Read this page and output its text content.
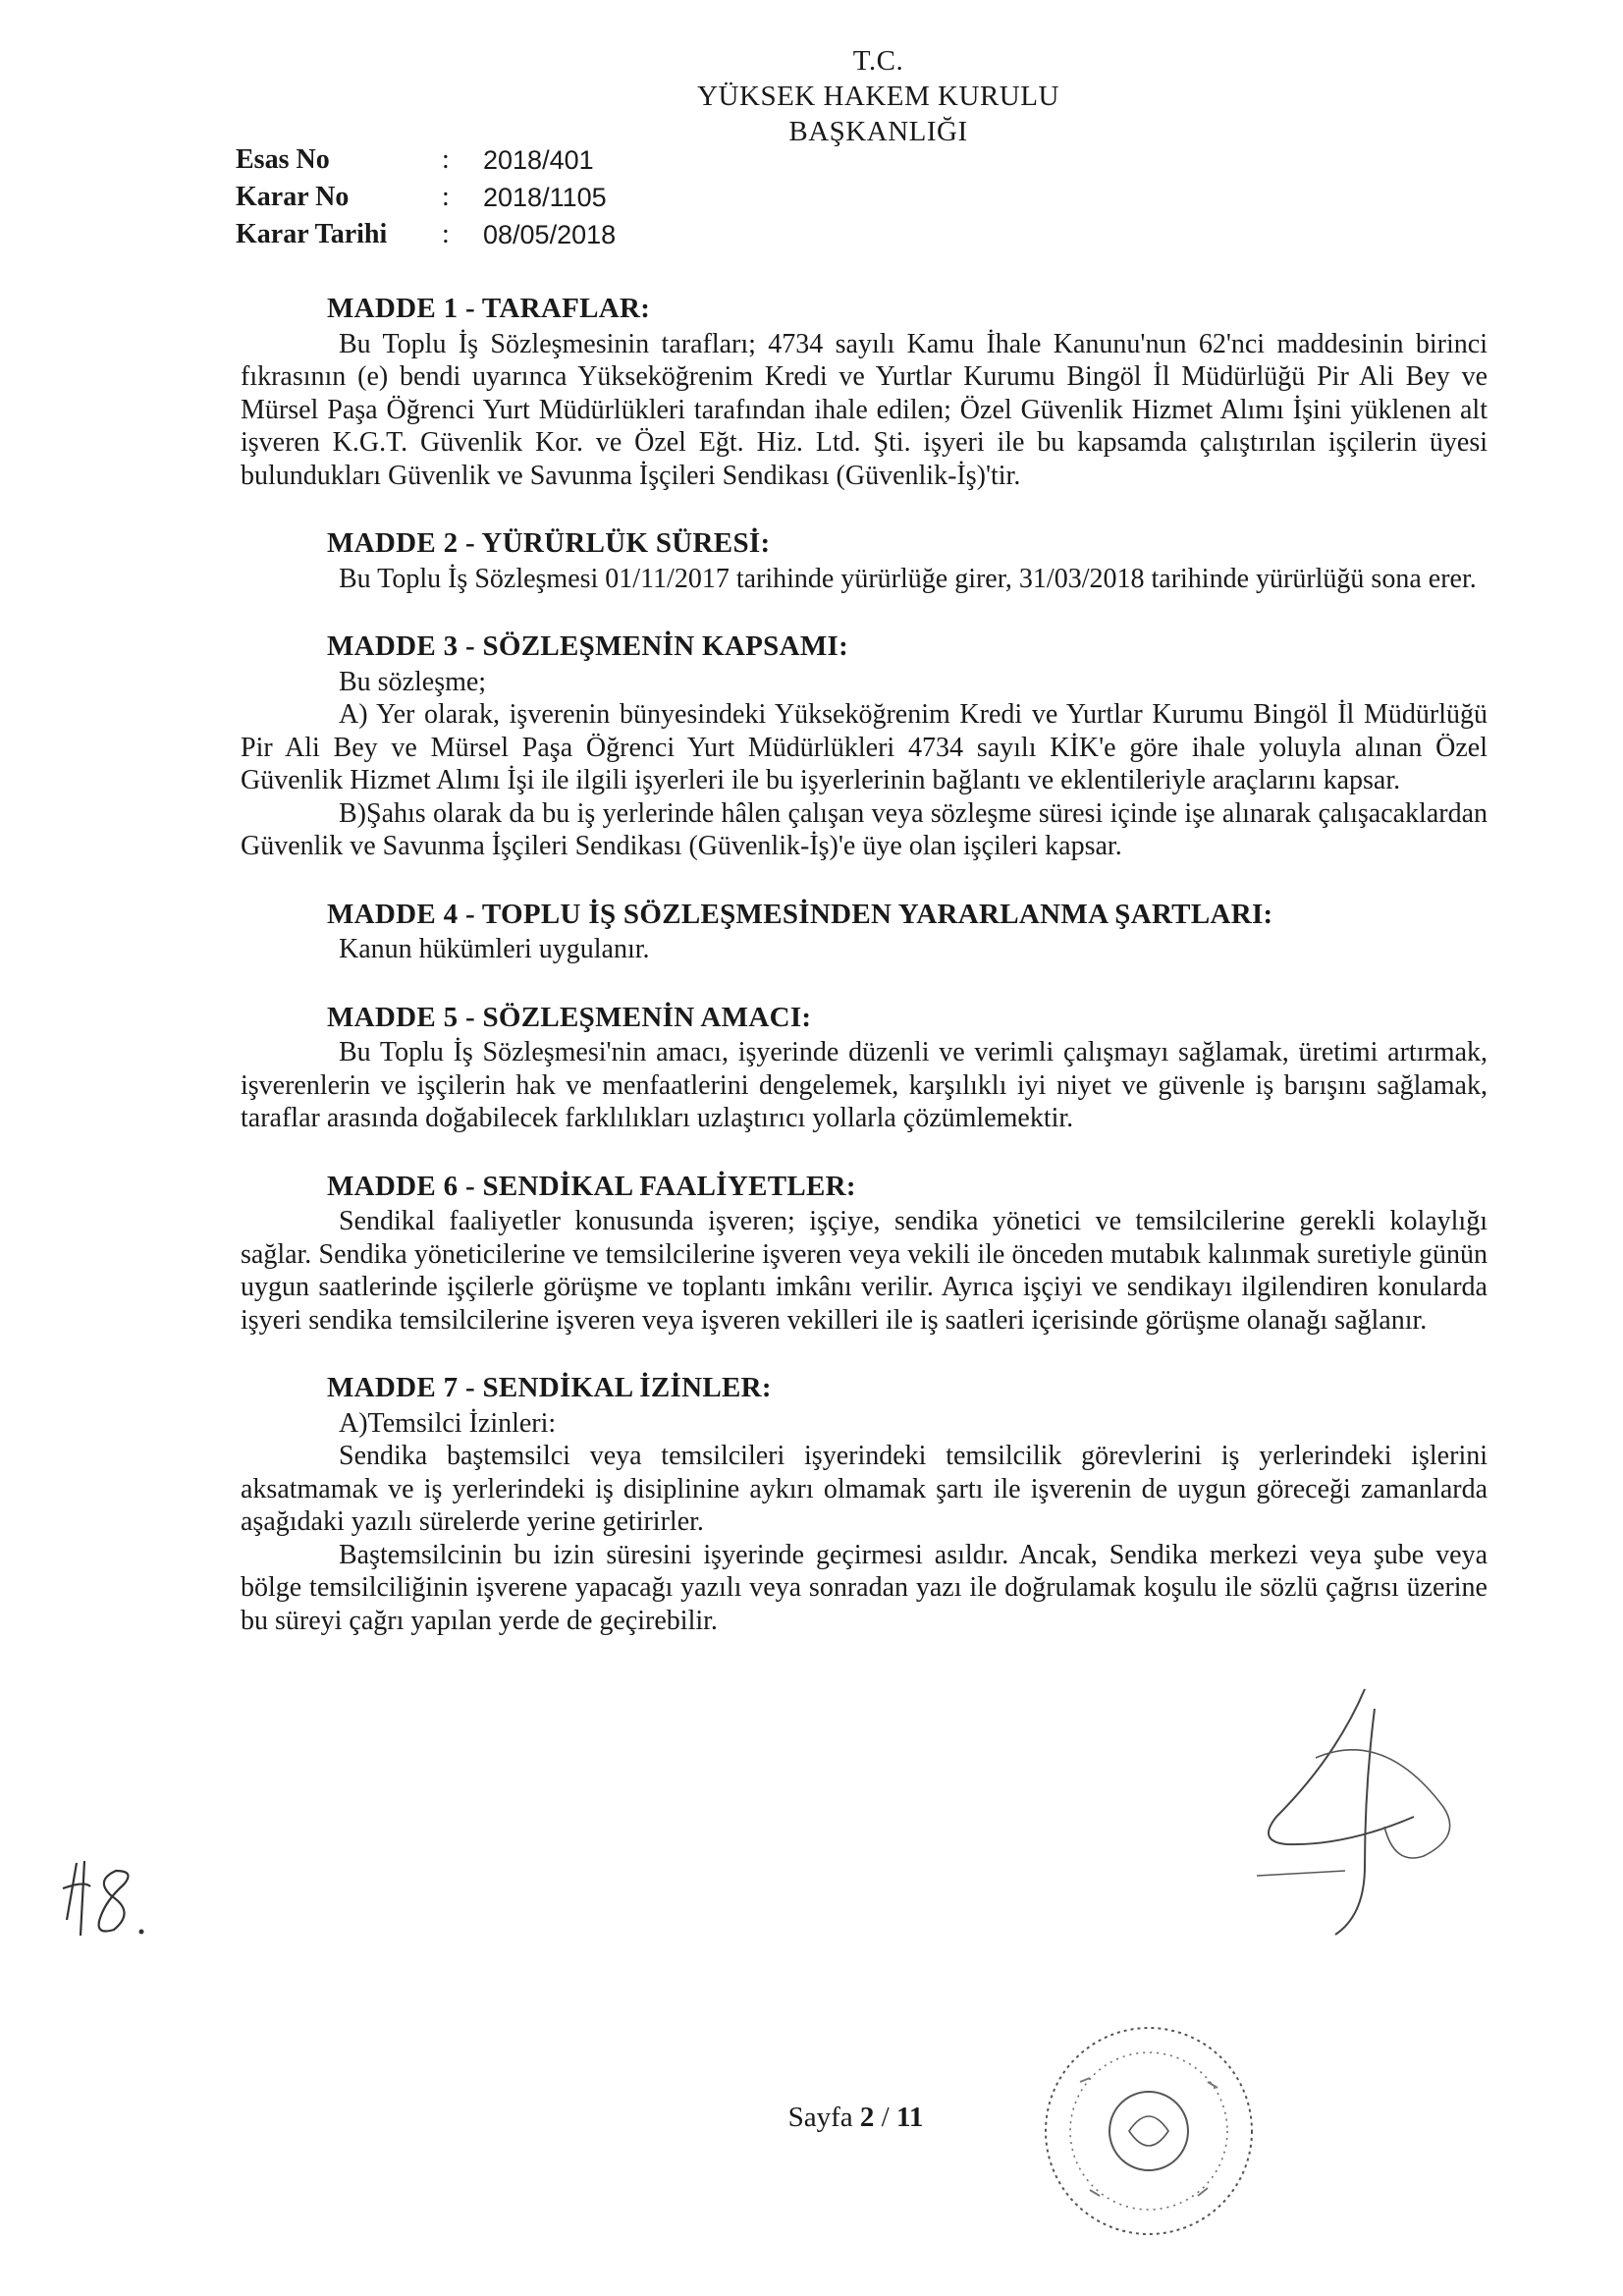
T.C.
YÜKSEK HAKEM KURULU
BAŞKANLIĞI
Esas No	:	2018/401
Karar No	:	2018/1105
Karar Tarihi	:	08/05/2018
MADDE 1 - TARAFLAR:

Bu Toplu İş Sözleşmesinin tarafları; 4734 sayılı Kamu İhale Kanunu'nun 62'nci maddesinin birinci fıkrasının (e) bendi uyarınca Yükseköğrenim Kredi ve Yurtlar Kurumu Bingöl İl Müdürlüğü Pir Ali Bey ve Mürsel Paşa Öğrenci Yurt Müdürlükleri tarafından ihale edilen; Özel Güvenlik Hizmet Alımı İşini yüklenen alt işveren K.G.T. Güvenlik Kor. ve Özel Eğt. Hiz. Ltd. Şti. işyeri ile bu kapsamda çalıştırılan işçilerin üyesi bulundukları Güvenlik ve Savunma İşçileri Sendikası (Güvenlik-İş)'tir.

MADDE 2 - YÜRÜRLÜK SÜRESİ:

Bu Toplu İş Sözleşmesi 01/11/2017 tarihinde yürürlüğe girer, 31/03/2018 tarihinde yürürlüğü sona erer.

MADDE 3 - SÖZLEŞMENİN KAPSAMI:

Bu sözleşme;

A) Yer olarak, işverenin bünyesindeki Yükseköğrenim Kredi ve Yurtlar Kurumu Bingöl İl Müdürlüğü Pir Ali Bey ve Mürsel Paşa Öğrenci Yurt Müdürlükleri 4734 sayılı KİK'e göre ihale yoluyla alınan Özel Güvenlik Hizmet Alımı İşi ile ilgili işyerleri ile bu işyerlerinin bağlantı ve eklentileriyle araçlarını kapsar.

B)Şahıs olarak da bu iş yerlerinde hâlen çalışan veya sözleşme süresi içinde işe alınarak çalışacaklardan Güvenlik ve Savunma İşçileri Sendikası (Güvenlik-İş)'e üye olan işçileri kapsar.

MADDE 4 - TOPLU İŞ SÖZLEŞMESİNDEN YARARLANMA ŞARTLARI:

Kanun hükümleri uygulanır.

MADDE 5 - SÖZLEŞMENİN AMACI:

Bu Toplu İş Sözleşmesi'nin amacı, işyerinde düzenli ve verimli çalışmayı sağlamak, üretimi artırmak, işverenlerin ve işçilerin hak ve menfaatlerini dengelemek, karşılıklı iyi niyet ve güvenle iş barışını sağlamak, taraflar arasında doğabilecek farklılıkları uzlaştırıcı yollarla çözümlemektir.

MADDE 6 - SENDİKAL FAALİYETLER:

Sendikal faaliyetler konusunda işveren; işçiye, sendika yönetici ve temsilcilerine gerekli kolaylığı sağlar. Sendika yöneticilerine ve temsilcilerine işveren veya vekili ile önceden mutabık kalınmak suretiyle günün uygun saatlerinde işçilerle görüşme ve toplantı imkânı verilir. Ayrıca işçiyi ve sendikayı ilgilendiren konularda işyeri sendika temsilcilerine işveren veya işveren vekilleri ile iş saatleri içerisinde görüşme olanağı sağlanır.

MADDE 7 - SENDİKAL İZİNLER:

A)Temsilci İzinleri:

Sendika baştemsilci veya temsilcileri işyerindeki temsilcilik görevlerini iş yerlerindeki işlerini aksatmamak ve iş yerlerindeki iş disiplinine aykırı olmamak şartı ile işverenin de uygun göreceği zamanlarda aşağıdaki yazılı sürelerde yerine getirirler.

Baştemsilcinin bu izin süresini işyerinde geçirmesi asıldır. Ancak, Sendika merkezi veya şube veya bölge temsilciliğinin işverene yapacağı yazılı veya sonradan yazı ile doğrulamak koşulu ile sözlü çağrısı üzerine bu süreyi çağrı yapılan yerde de geçirebilir.

Sayfa 2 / 11
